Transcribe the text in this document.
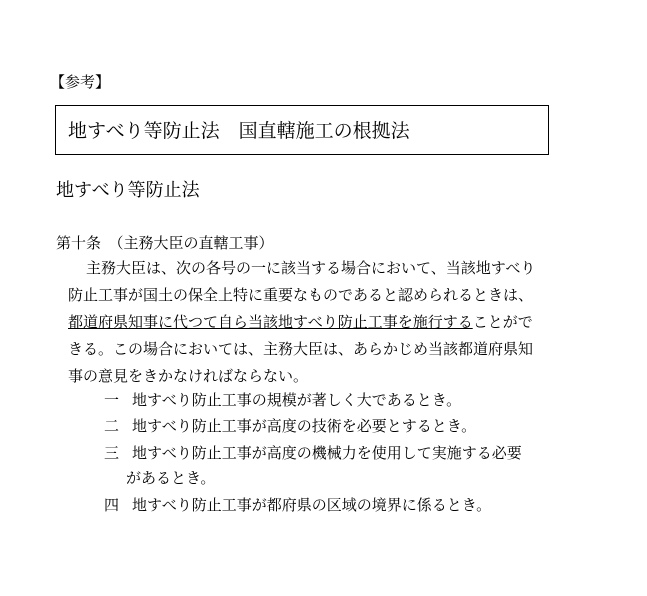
【参考】
地すべり等防止法　国直轄施工の根拠法
地すべり等防止法
第十条　（主務大臣の直轄工事）
主務大臣は、次の各号の一に該当する場合において、当該地すべり
防止工事が国土の保全上特に重要なものであると認められるときは、
都道府県知事に代つて自ら当該地すべり防止工事を施行することがで
きる。この場合においては、主務大臣は、あらかじめ当該都道府県知
事の意見をきかなければならない。
一 地すべり防止工事の規模が著しく大であるとき。
二 地すべり防止工事が高度の技術を必要とするとき。
三 地すべり防止工事が高度の機械力を使用して実施する必要
があるとき。
四 地すべり防止工事が都府県の区域の境界に係るとき。
